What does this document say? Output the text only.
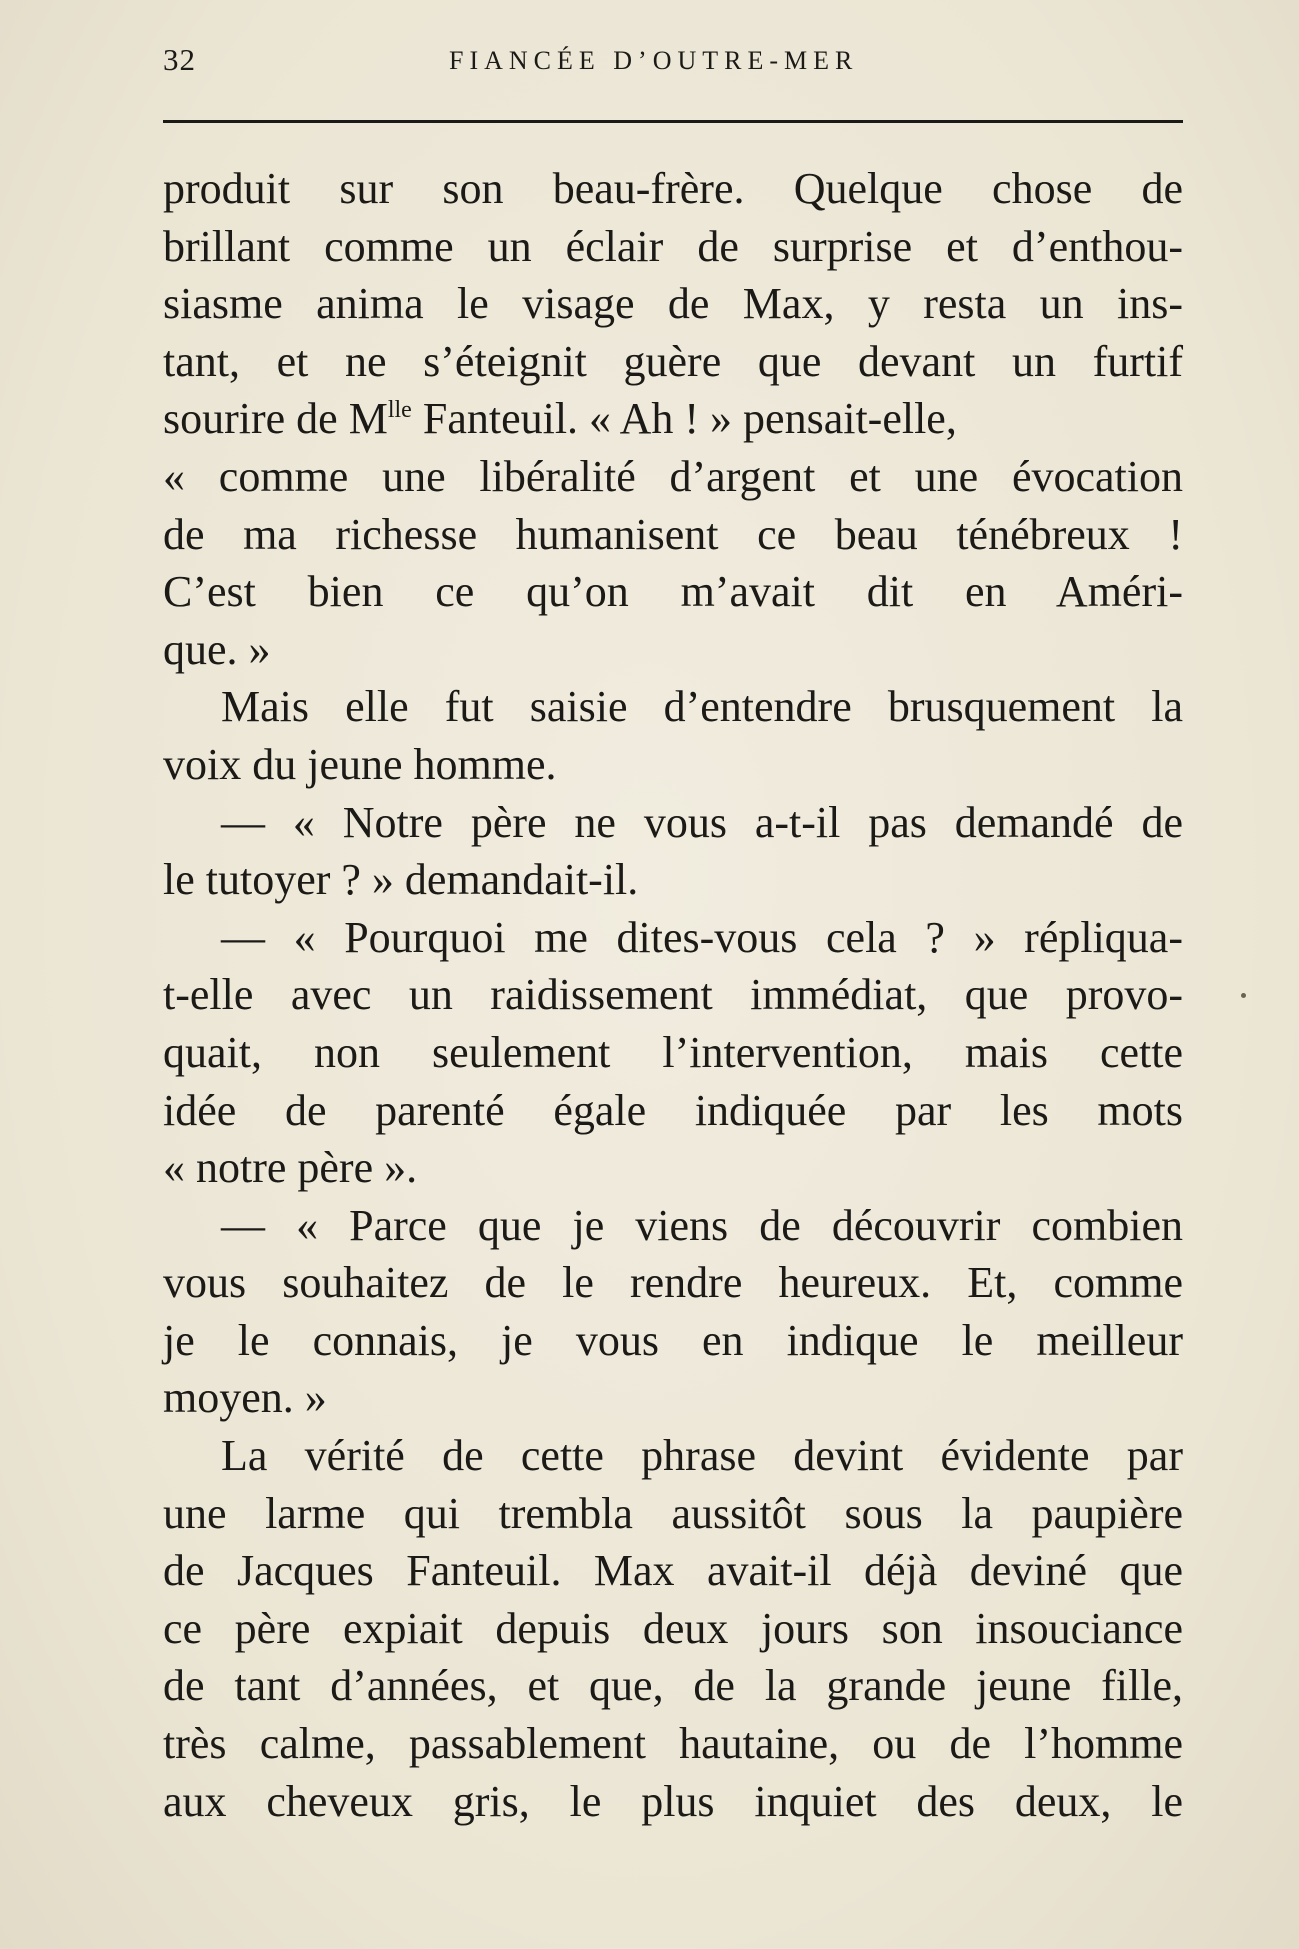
32	FIANCÉE D’OUTRE-MER
produit sur son beau-frère. Quelque chose de
brillant comme un éclair de surprise et d’enthou-
siasme anima le visage de Max, y resta un ins-
tant, et ne s’éteignit guère que devant un furtif
sourire de $M^{lle}$ Fanteuil. « Ah ! » pensait-elle,
« comme une libéralité d’argent et une évocation
de ma richesse humanisent ce beau ténébreux !
C’est bien ce qu’on m’avait dit en Améri-
que. »
Mais elle fut saisie d’entendre brusquement la
voix du jeune homme.
— « Notre père ne vous a-t-il pas demandé de
le tutoyer ? » demandait-il.
— « Pourquoi me dites-vous cela ? » répliqua-
t-elle avec un raidissement immédiat, que provo-
quait, non seulement l’intervention, mais cette
idée de parenté égale indiquée par les mots
« notre père ».
— « Parce que je viens de découvrir combien
vous souhaitez de le rendre heureux. Et, comme
je le connais, je vous en indique le meilleur
moyen. »
La vérité de cette phrase devint évidente par
une larme qui trembla aussitôt sous la paupière
de Jacques Fanteuil. Max avait-il déjà deviné que
ce père expiait depuis deux jours son insouciance
de tant d’années, et que, de la grande jeune fille,
très calme, passablement hautaine, ou de l’homme
aux cheveux gris, le plus inquiet des deux, le
